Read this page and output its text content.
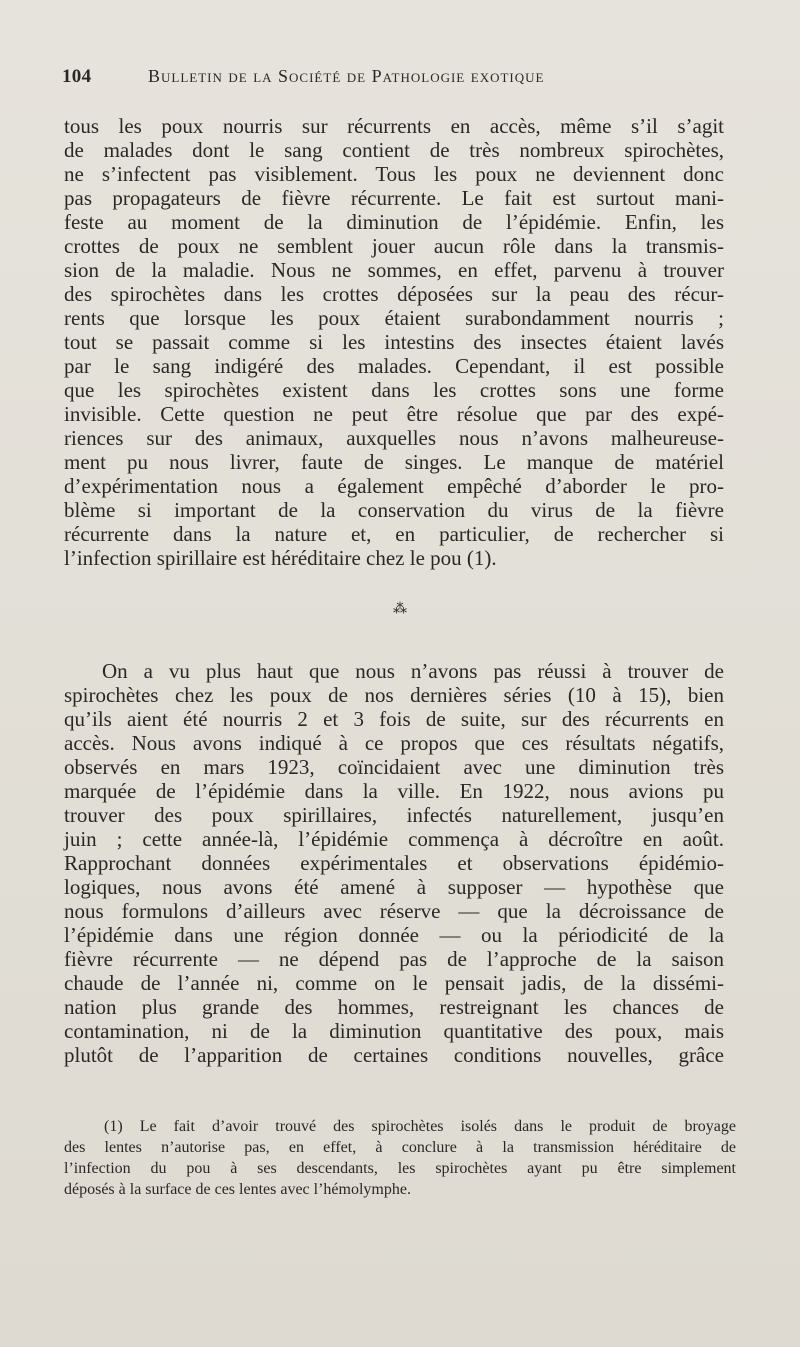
104	Bulletin de la Société de Pathologie exotique
tous les poux nourris sur récurrents en accès, même s’il s’agit
de malades dont le sang contient de très nombreux spirochètes,
ne s’infectent pas visiblement. Tous les poux ne deviennent donc
pas propagateurs de fièvre récurrente. Le fait est surtout mani-
feste au moment de la diminution de l’épidémie. Enfin, les
crottes de poux ne semblent jouer aucun rôle dans la transmis-
sion de la maladie. Nous ne sommes, en effet, parvenu à trouver
des spirochètes dans les crottes déposées sur la peau des récur-
rents que lorsque les poux étaient surabondamment nourris ;
tout se passait comme si les intestins des insectes étaient lavés
par le sang indigéré des malades. Cependant, il est possible
que les spirochètes existent dans les crottes sons une forme
invisible. Cette question ne peut être résolue que par des expé-
riences sur des animaux, auxquelles nous n’avons malheureuse-
ment pu nous livrer, faute de singes. Le manque de matériel
d’expérimentation nous a également empêché d’aborder le pro-
blème si important de la conservation du virus de la fièvre
récurrente dans la nature et, en particulier, de rechercher si
l’infection spirillaire est héréditaire chez le pou (1).
⁂
On a vu plus haut que nous n’avons pas réussi à trouver de
spirochètes chez les poux de nos dernières séries (10 à 15), bien
qu’ils aient été nourris 2 et 3 fois de suite, sur des récurrents en
accès. Nous avons indiqué à ce propos que ces résultats négatifs,
observés en mars 1923, coïncidaient avec une diminution très
marquée de l’épidémie dans la ville. En 1922, nous avions pu
trouver des poux spirillaires, infectés naturellement, jusqu’en
juin ; cette année-là, l’épidémie commença à décroître en août.
Rapprochant données expérimentales et observations épidémio-
logiques, nous avons été amené à supposer — hypothèse que
nous formulons d’ailleurs avec réserve — que la décroissance de
l’épidémie dans une région donnée — ou la périodicité de la
fièvre récurrente — ne dépend pas de l’approche de la saison
chaude de l’année ni, comme on le pensait jadis, de la dissémi-
nation plus grande des hommes, restreignant les chances de
contamination, ni de la diminution quantitative des poux, mais
plutôt de l’apparition de certaines conditions nouvelles, grâce
(1) Le fait d’avoir trouvé des spirochètes isolés dans le produit de broyage
des lentes n’autorise pas, en effet, à conclure à la transmission héréditaire de
l’infection du pou à ses descendants, les spirochètes ayant pu être simplement
déposés à la surface de ces lentes avec l’hémolymphe.
